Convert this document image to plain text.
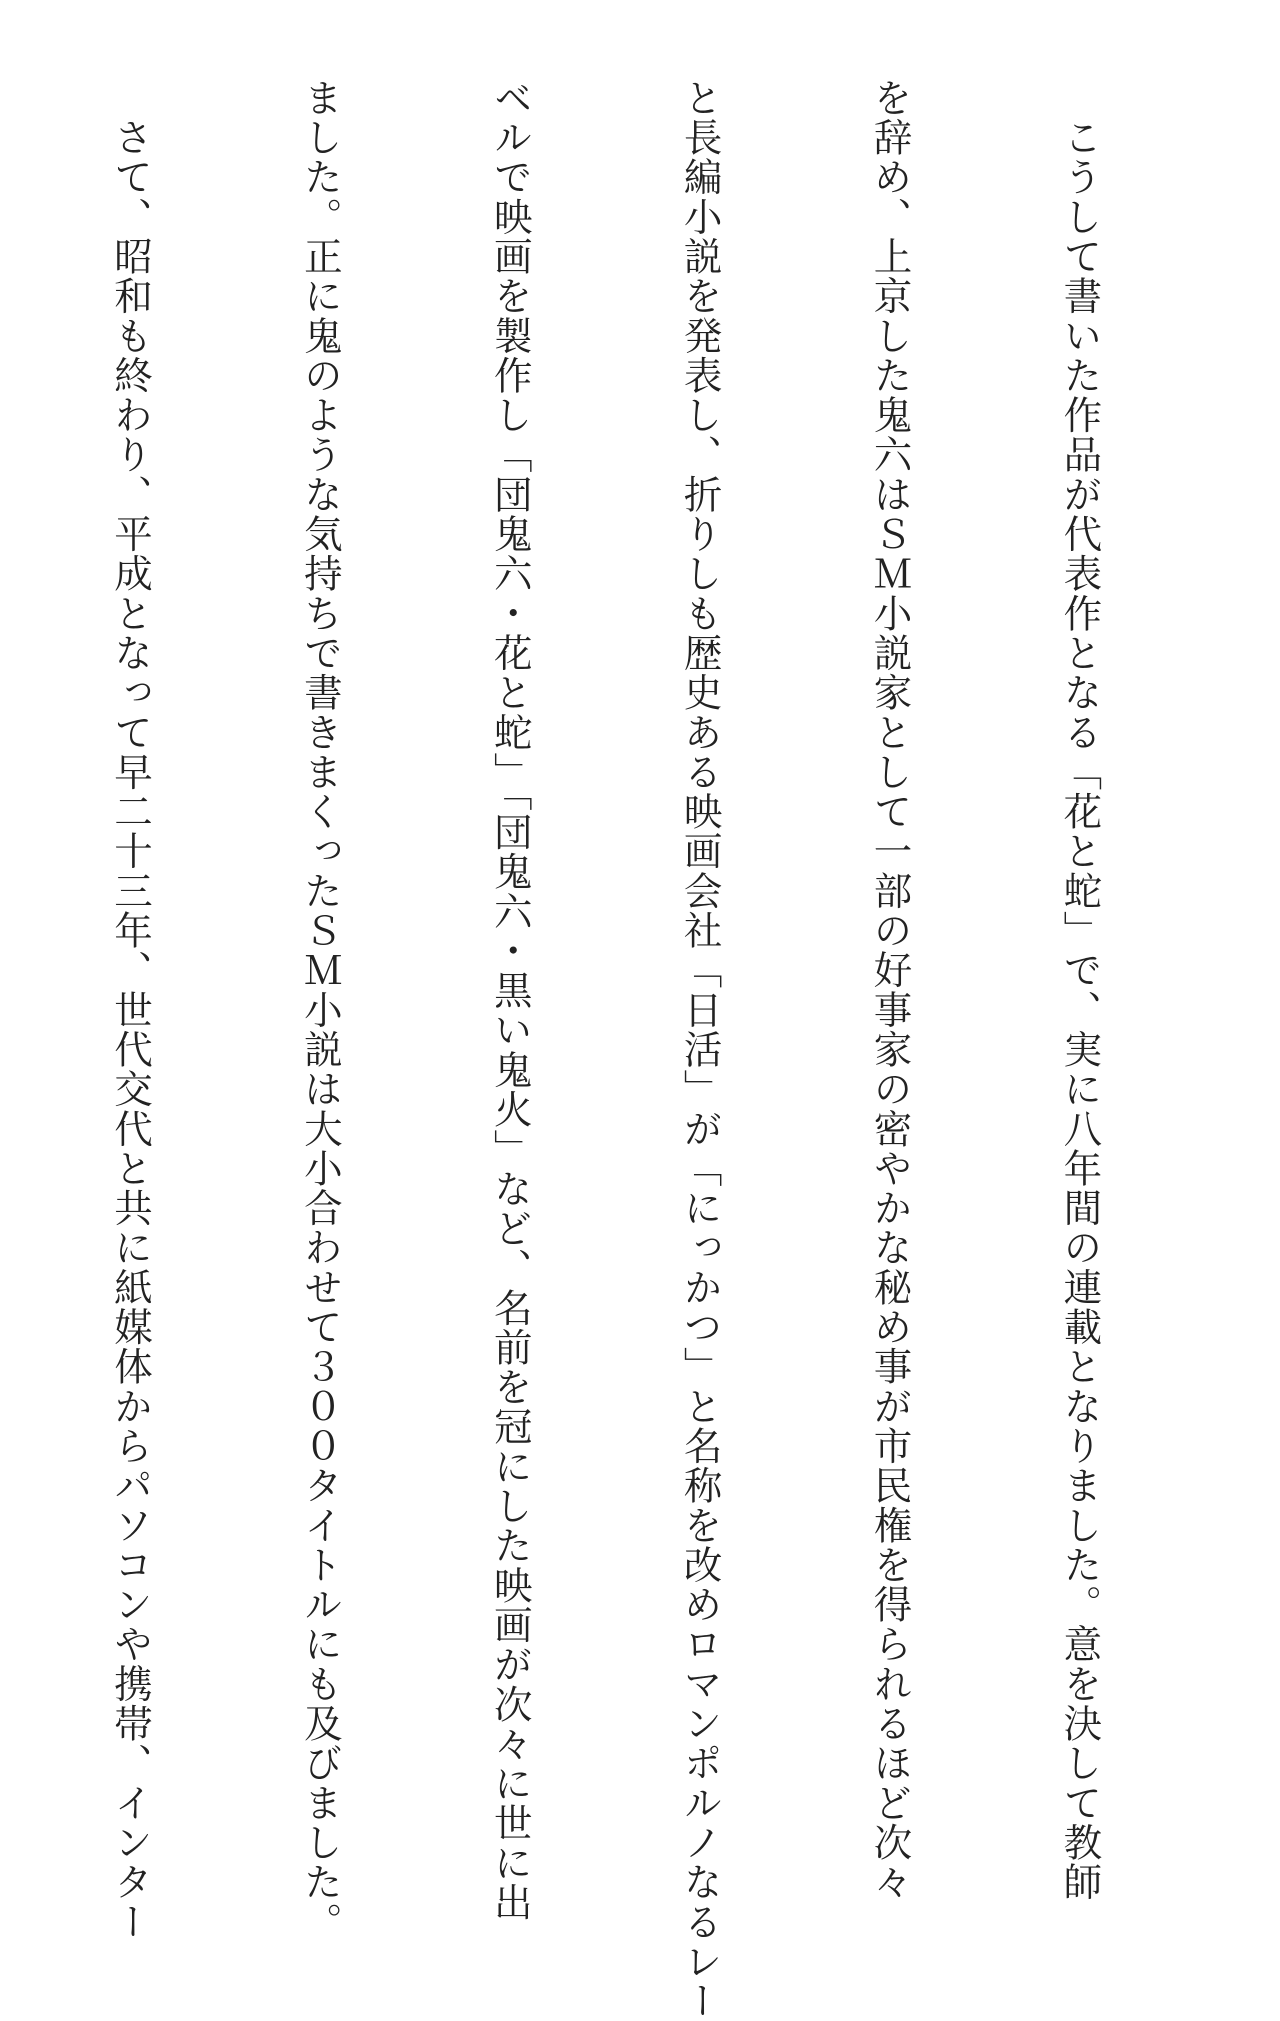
　こうして書いた作品が代表作となる「花と蛇」で、実に八年間の連載となりました。意を決して教師

を辞め、上京した鬼六はＳＭ小説家として一部の好事家の密やかな秘め事が市民権を得られるほど次々

と長編小説を発表し、折りしも歴史ある映画会社「日活」が「にっかつ」と名称を改めロマンポルノなるレー

ベルで映画を製作し「団鬼六・花と蛇」「団鬼六・黒い鬼火」など、名前を冠にした映画が次々に世に出

ました。正に鬼のような気持ちで書きまくったＳＭ小説は大小合わせて３００タイトルにも及びました。

　さて、昭和も終わり、平成となって早二十三年、世代交代と共に紙媒体からパソコンや携帯、インター
